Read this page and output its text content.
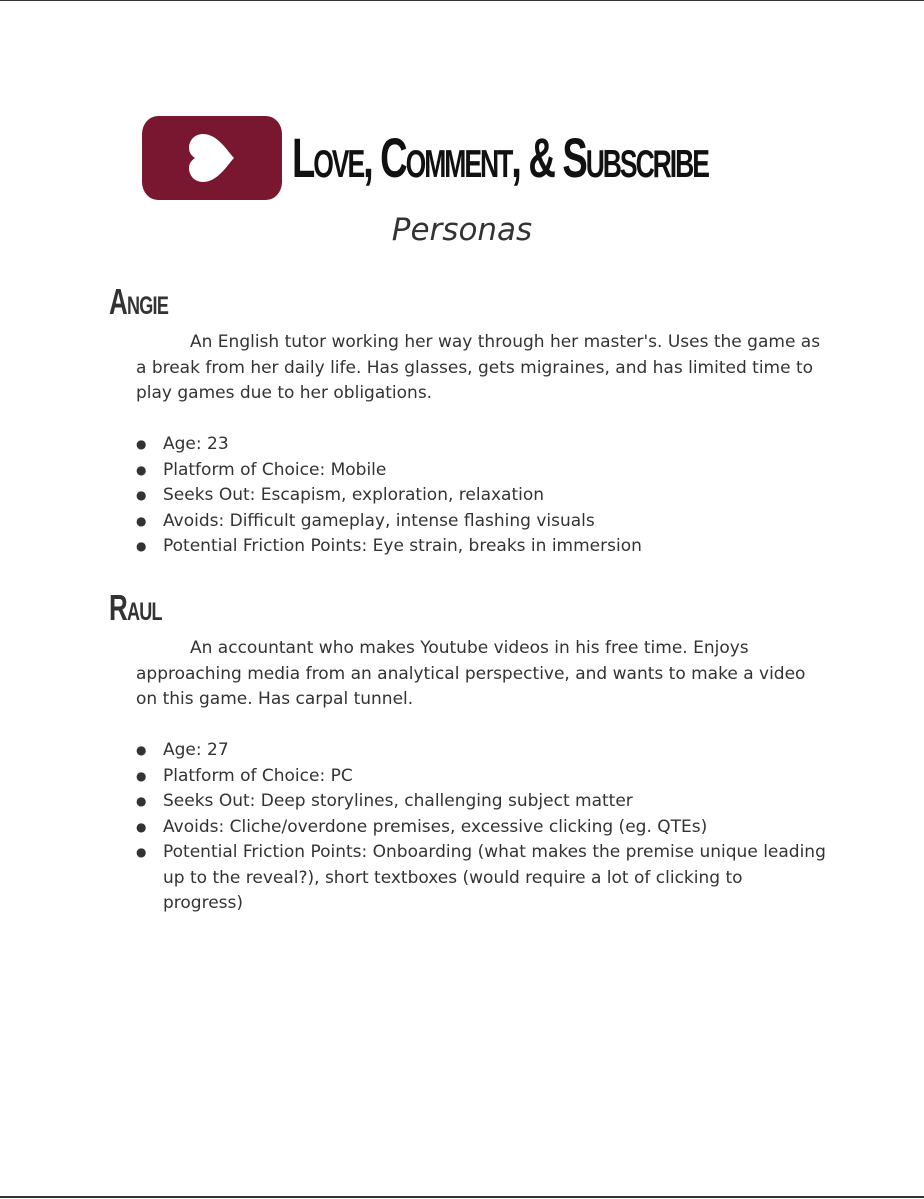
Love, Comment, & Subscribe
Personas
Angie

An English tutor working her way through her master's. Uses the game as a break from her daily life. Has glasses, gets migraines, and has limited time to play games due to her obligations.

● Age: 23
● Platform of Choice: Mobile
● Seeks Out: Escapism, exploration, relaxation
● Avoids: Difficult gameplay, intense flashing visuals
● Potential Friction Points: Eye strain, breaks in immersion
Raul

An accountant who makes Youtube videos in his free time. Enjoys approaching media from an analytical perspective, and wants to make a video on this game. Has carpal tunnel.

● Age: 27
● Platform of Choice: PC
● Seeks Out: Deep storylines, challenging subject matter
● Avoids: Cliche/overdone premises, excessive clicking (eg. QTEs)
● Potential Friction Points: Onboarding (what makes the premise unique leading up to the reveal?), short textboxes (would require a lot of clicking to progress)
